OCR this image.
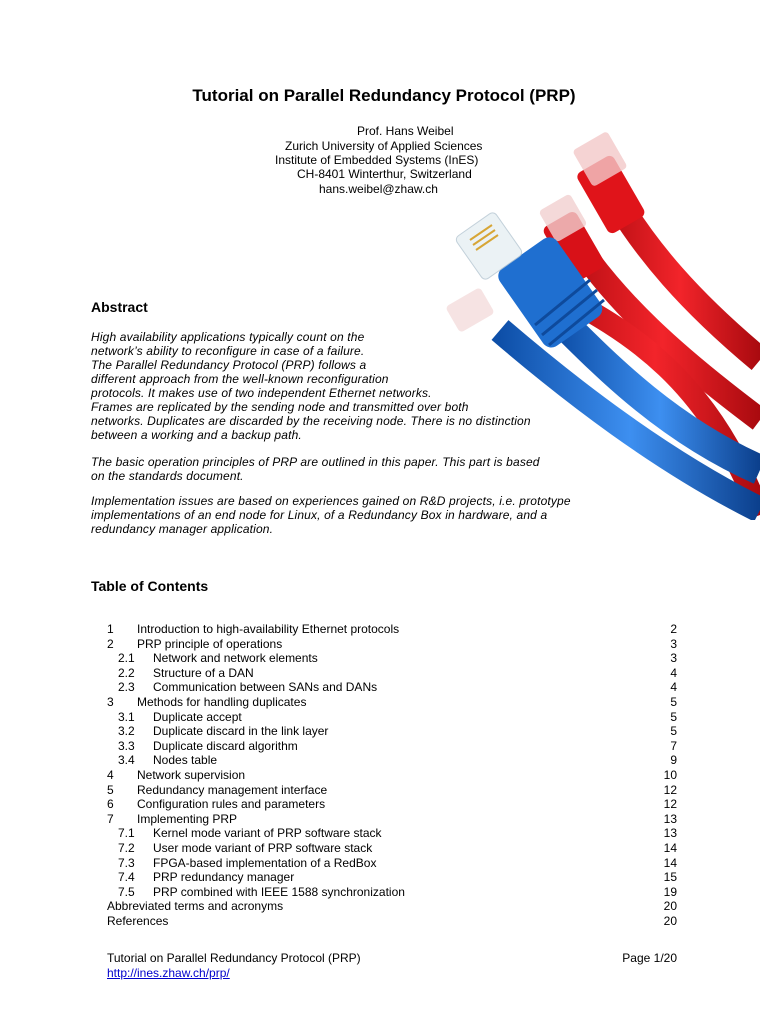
Tutorial on Parallel Redundancy Protocol (PRP)
Prof. Hans Weibel
Zurich University of Applied Sciences
Institute of Embedded Systems (InES)
CH-8401 Winterthur, Switzerland
hans.weibel@zhaw.ch
Abstract
High availability applications typically count on the
network’s ability to reconfigure in case of a failure.
The Parallel Redundancy Protocol (PRP) follows a
different approach from the well-known reconfiguration
protocols. It makes use of two independent Ethernet networks.
Frames are replicated by the sending node and transmitted over both
networks. Duplicates are discarded by the receiving node. There is no distinction
between a working and a backup path.
The basic operation principles of PRP are outlined in this paper. This part is based
on the standards document.
Implementation issues are based on experiences gained on R&D projects, i.e. prototype
implementations of an end node for Linux, of a Redundancy Box in hardware, and a
redundancy manager application.
Table of Contents
1 Introduction to high-availability Ethernet protocols	2
2 PRP principle of operations	3
2.1 Network and network elements	3
2.2 Structure of a DAN	4
2.3 Communication between SANs and DANs	4
3 Methods for handling duplicates	5
3.1 Duplicate accept	5
3.2 Duplicate discard in the link layer	5
3.3 Duplicate discard algorithm	7
3.4 Nodes table	9
4 Network supervision	10
5 Redundancy management interface	12
6 Configuration rules and parameters	12
7 Implementing PRP	13
7.1 Kernel mode variant of PRP software stack	13
7.2 User mode variant of PRP software stack	14
7.3 FPGA-based implementation of a RedBox	14
7.4 PRP redundancy manager	15
7.5 PRP combined with IEEE 1588 synchronization	19
Abbreviated terms and acronyms	20
References	20
Tutorial on Parallel Redundancy Protocol (PRP)	Page 1/20
http://ines.zhaw.ch/prp/
